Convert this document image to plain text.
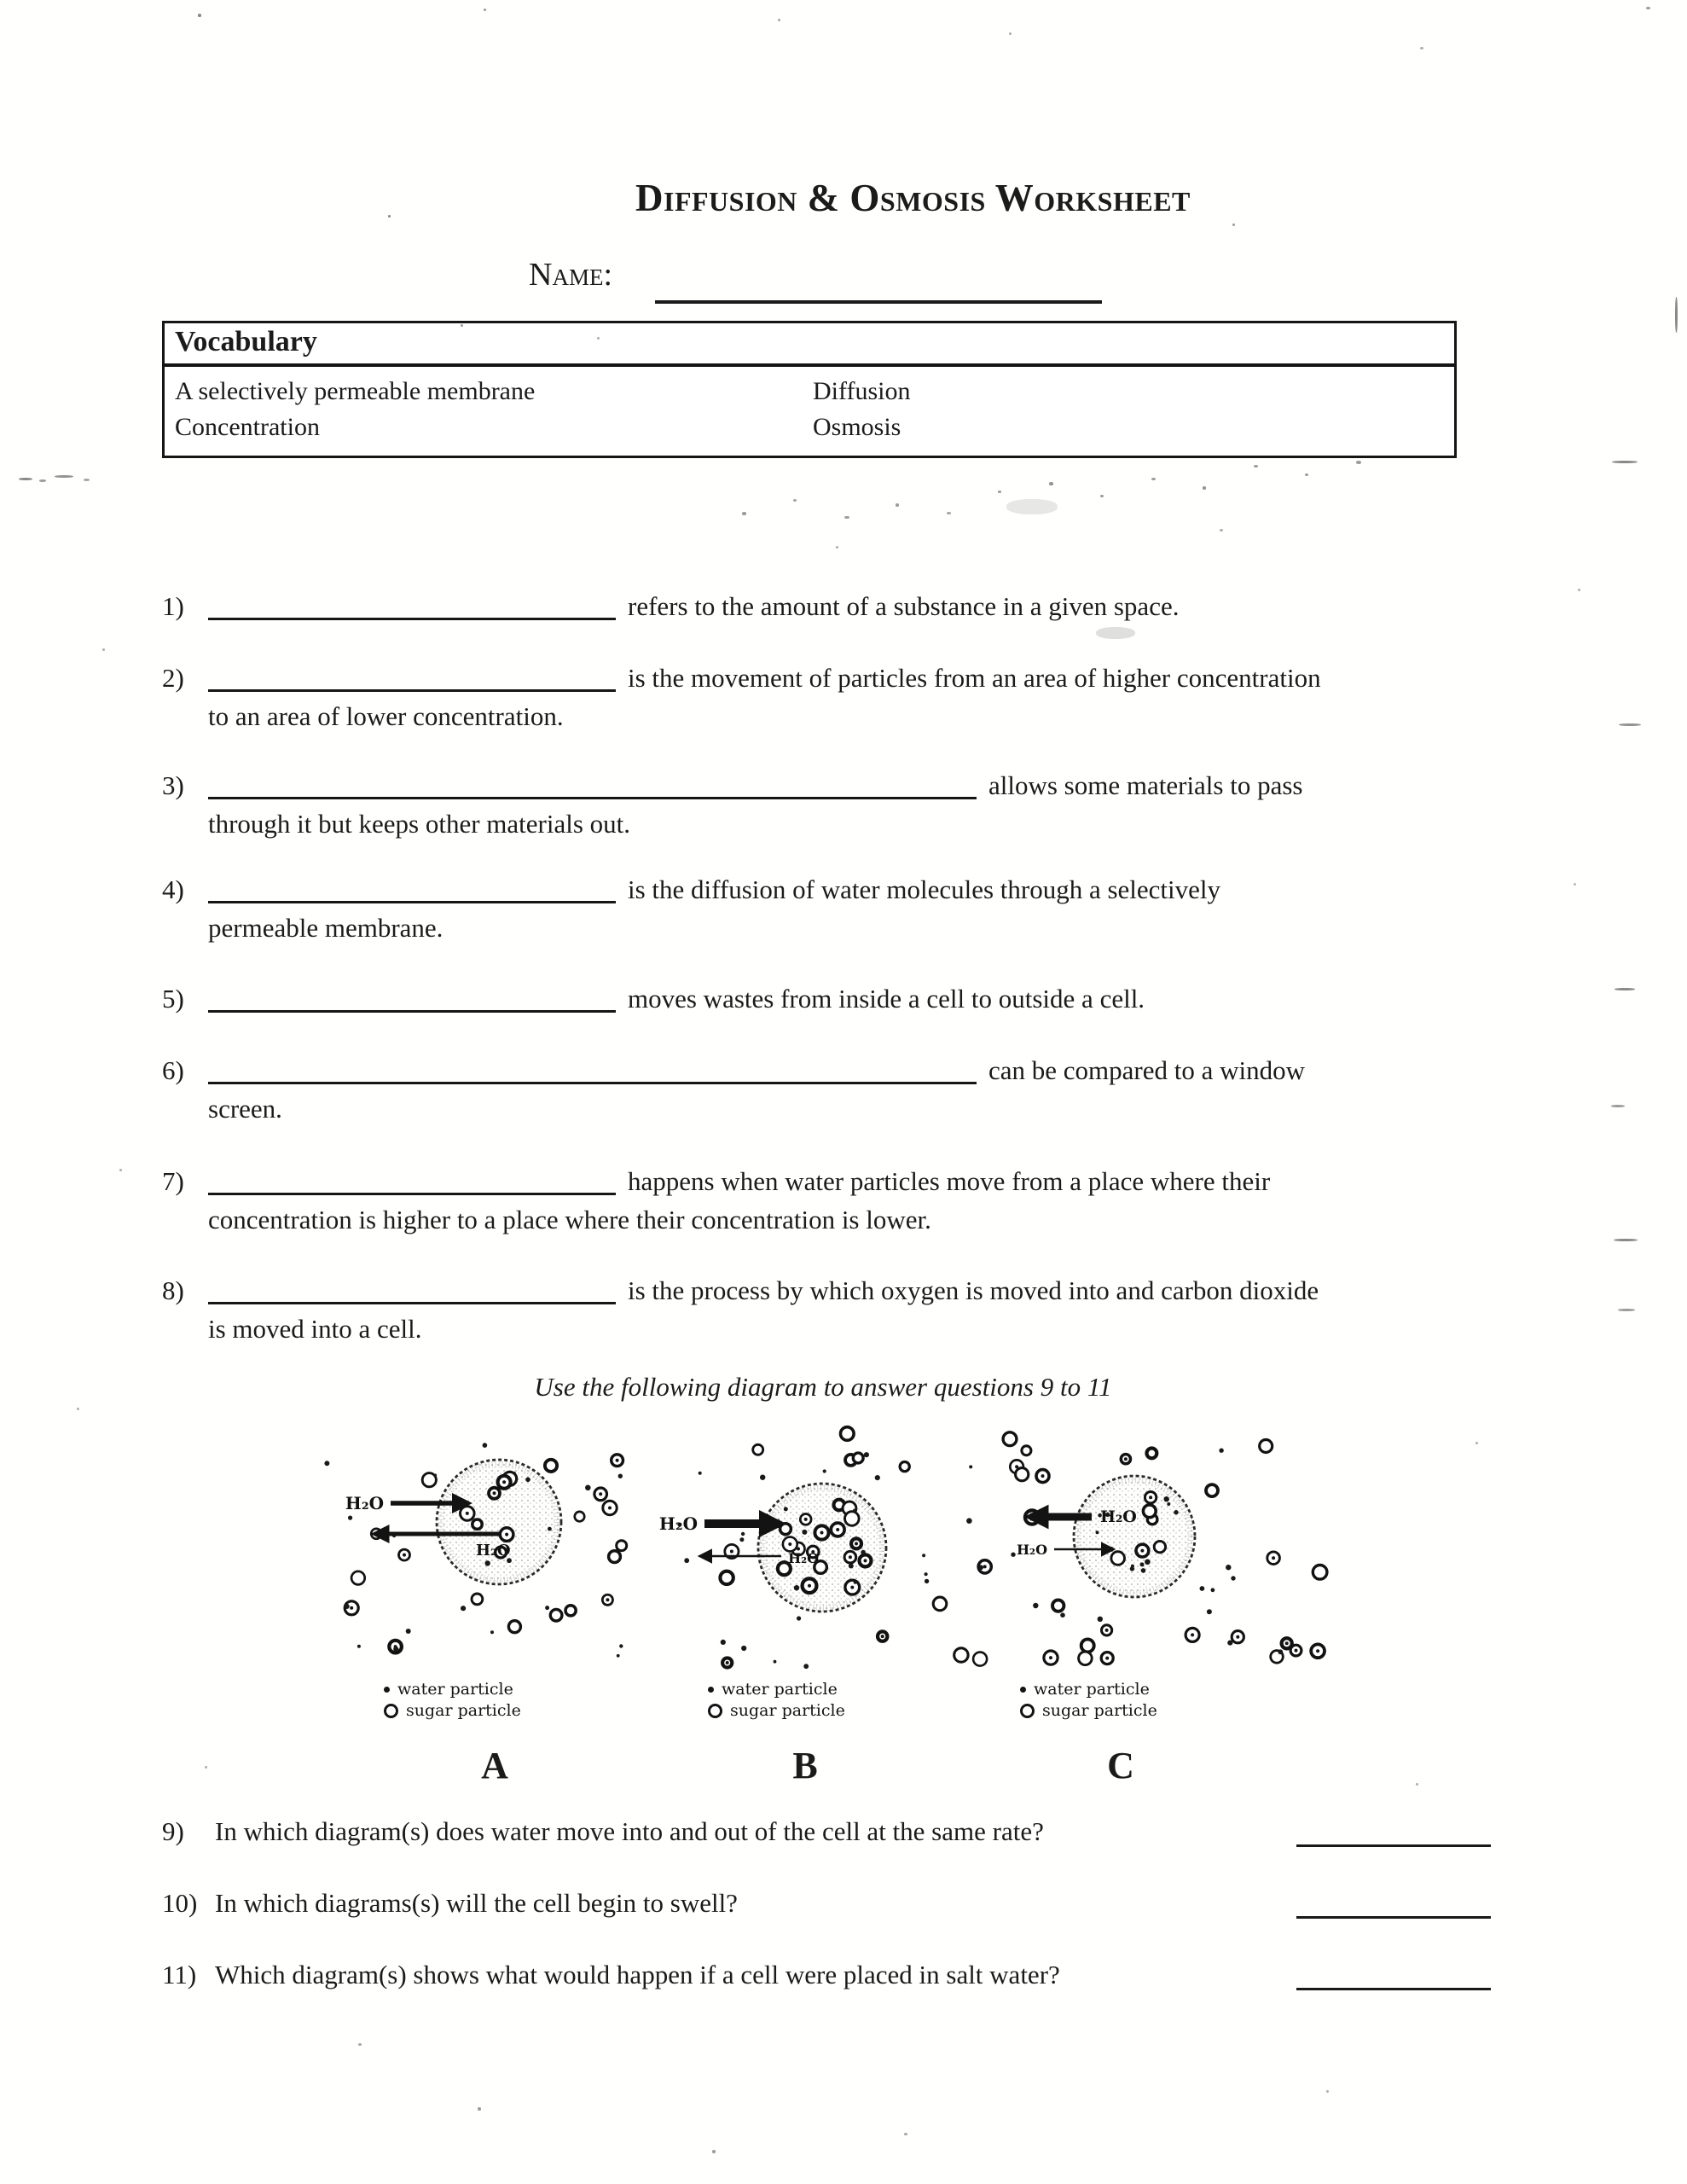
Diffusion & Osmosis Worksheet
Name:
Vocabulary
A selectively permeable membrane	Diffusion
Concentration	Osmosis
Use the following diagram to answer questions 9 to 11
1)	refers to the amount of a substance in a given space.
2)	is the movement of particles from an area of higher concentration
to an area of lower concentration.
3)	allows some materials to pass
through it but keeps other materials out.
4)	is the diffusion of water molecules through a selectively
permeable membrane.
5)	moves wastes from inside a cell to outside a cell.
6)	can be compared to a window
screen.
7)	happens when water particles move from a place where their
concentration is higher to a place where their concentration is lower.
8)	is the process by which oxygen is moved into and carbon dioxide
is moved into a cell.
H₂O
H₂O
water particle
sugar particle
A
H₂O
H₂O
water particle
sugar particle
B
H₂O
H₂O
water particle
sugar particle
C
9) In which diagram(s) does water move into and out of the cell at the same rate?
10) In which diagrams(s) will the cell begin to swell?
11) Which diagram(s) shows what would happen if a cell were placed in salt water?
